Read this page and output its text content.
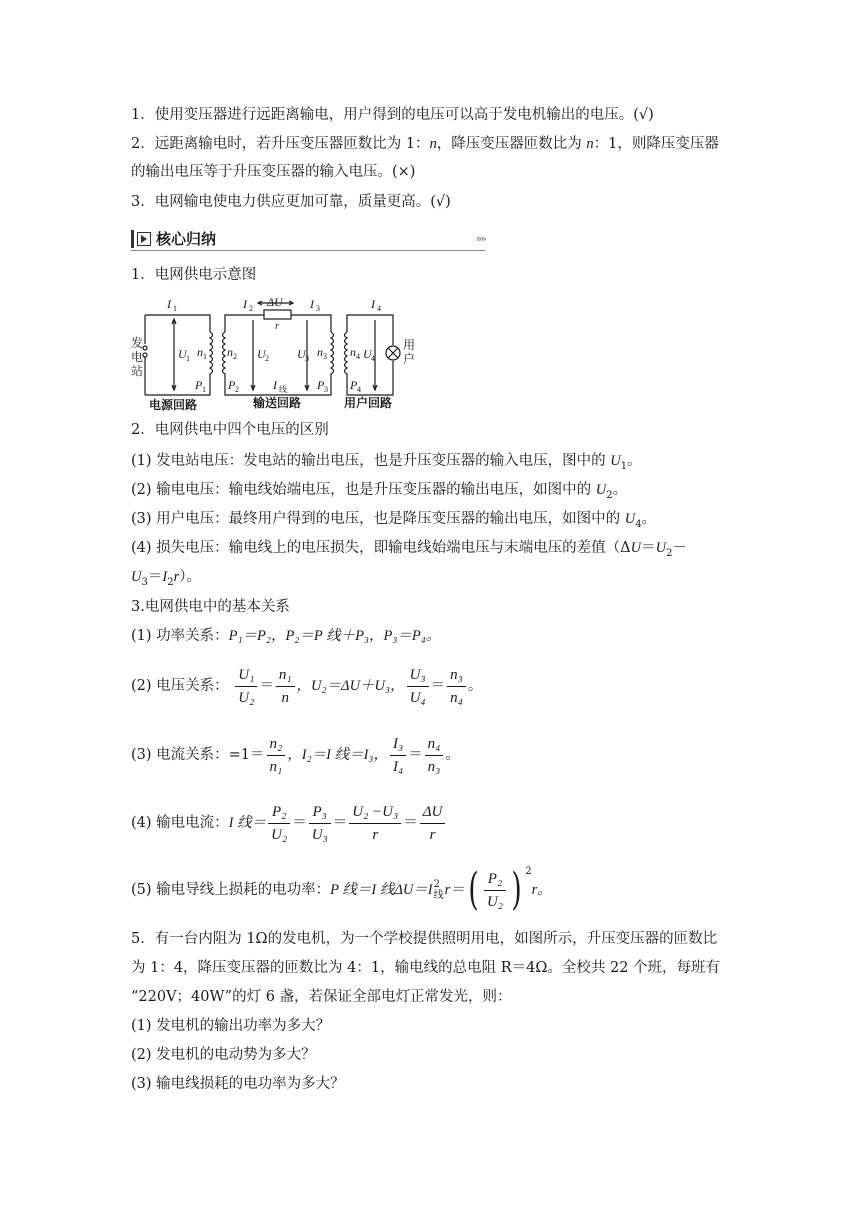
1．使用变压器进行远距离输电，用户得到的电压可以高于发电机输出的电压。(√)
2．远距离输电时，若升压变压器匝数比为 1：n，降压变压器匝数比为 n：1，则降压变压器
的输出电压等于升压变压器的输入电压。(×)
3．电网输电使电力供应更加可靠，质量更高。(√)
核心归纳	»»
1．电网供电示意图
I 1	I 2 ΔU I 3	I 4
r
发
电
站
U 1 n 1 n 2 U 2 U 3 n 3 n 4 U 4
用
户
P 1 P 2	I 线	P 3 P 4
电源回路	输送回路	用户回路
2．电网供电中四个电压的区别
(1) 发电站电压：发电站的输出电压，也是升压变压器的输入电压，图中的 $U_1$。
(2) 输电电压：输电线始端电压，也是升压变压器的输出电压，如图中的 $U_2$。
(3) 用户电压：最终用户得到的电压，也是降压变压器的输出电压，如图中的 $U_4$。
(4) 损失电压：输电线上的电压损失，即输电线始端电压与末端电压的差值（$\Delta U=U_2-$
$U_3=I_2r$）。
3.电网供电中的基本关系
(1) 功率关系：P₁＝P₂，P₂＝P 线＋P₃，P₃＝P₄。
(2) 电压关系： $\frac{\text{U₁}}{\text{U₂}} = \frac{\text{n₁}}{n}$ ，U₂＝ΔU＋U₃， $\frac{\text{U₃}}{\text{U₄}} = \frac{\text{n₃}}{\text{n₄}}$ 。
(3) 电流关系：$=1= \frac{\text{n₂}}{\text{n₁}}$ ，I₂＝I 线＝I₃， $\frac{\text{I₃}}{\text{I₄}} = \frac{\text{n₄}}{\text{n₃}}$ 。
(4) 输电电流：I 线＝ $\frac{\text{P₂}}{\text{U₂}} = \frac{\text{P₃}}{\text{U₃}} = \frac{\text{U₂ −U₃}}{r} = \frac{\Delta U}{r}$
(5) 输电导线上损耗的电功率：P 线＝I 线ΔU＝I 2
线 $r=( \frac{\text{P₂}}{\text{U₂}}$ ) $^2$r。
5．有一台内阻为 1Ω的发电机，为一个学校提供照明用电，如图所示，升压变压器的匝数比
为 1：4，降压变压器的匝数比为 4：1，输电线的总电阻 R＝4Ω。全校共 22 个班，每班有
“220V；40W”的灯 6 盏，若保证全部电灯正常发光，则：
(1) 发电机的输出功率为多大？
(2) 发电机的电动势为多大？
(3) 输电线损耗的电功率为多大？
